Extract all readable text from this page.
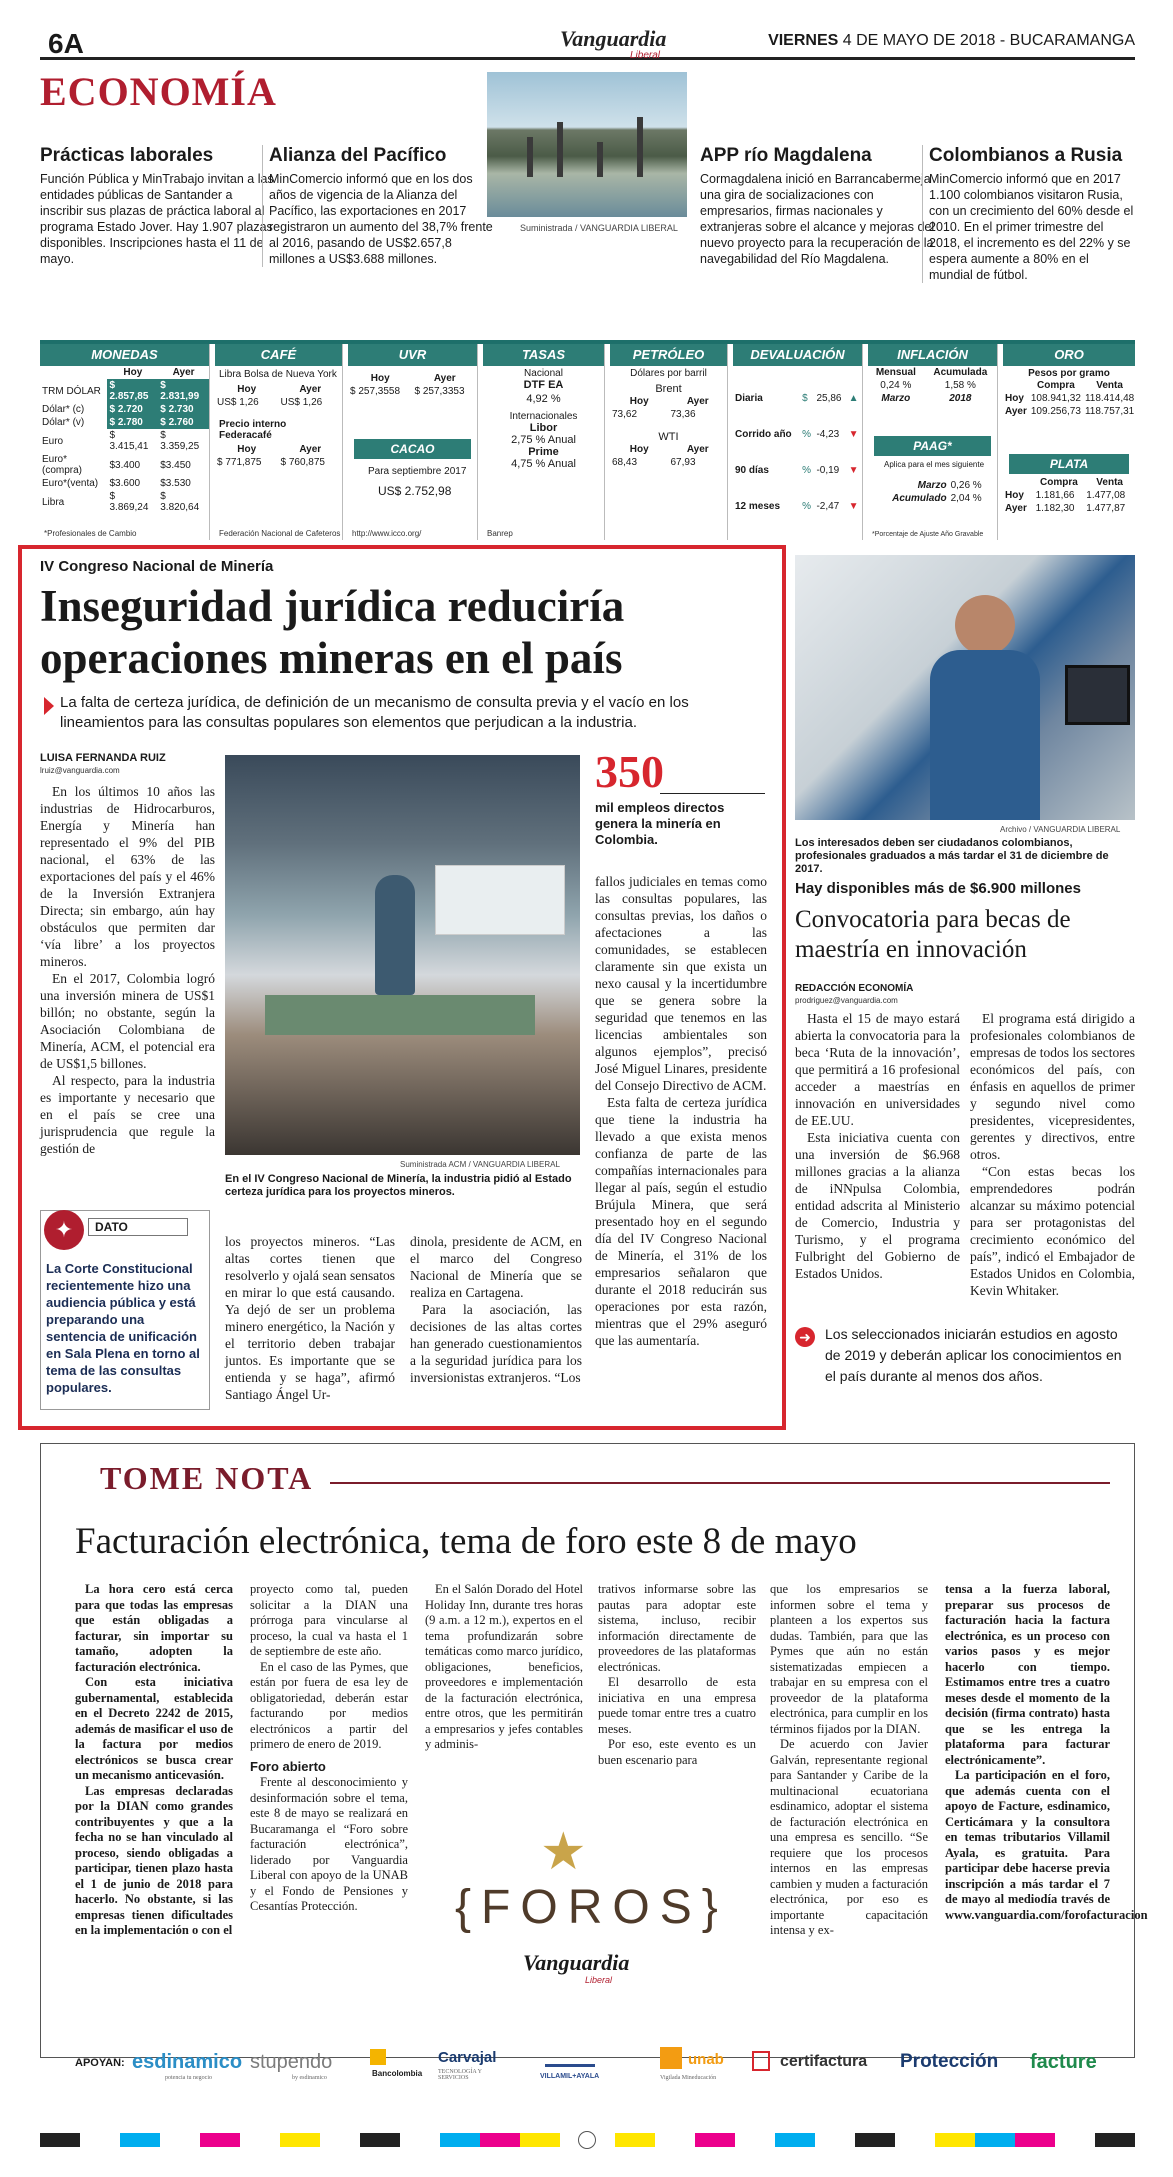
6A	Vanguardia
Liberal
VIERNES 4 DE MAYO DE 2018 - BUCARAMANGA
ECONOMÍA
Prácticas laborales

Función Pública y MinTrabajo invitan a las entidades públicas de Santander a inscribir sus plazas de práctica laboral al programa Estado Jover. Hay 1.907 plazas disponibles. Inscripciones hasta el 11 de mayo.

Alianza del Pacífico

MinComercio informó que en los dos años de vigencia de la Alianza del Pacífico, las exportaciones en 2017 registraron un aumento del 38,7% frente al 2016, pasando de US$2.657,8 millones a US$3.688 millones.

Suministrada / VANGUARDIA LIBERAL
APP río Magdalena

Cormagdalena inició en Barrancabermeja una gira de socializaciones con empresarios, firmas nacionales y extranjeras sobre el alcance y mejoras del nuevo proyecto para la recuperación de la navegabilidad del Río Magdalena.

Colombianos a Rusia

MinComercio informó que en 2017 1.100 colombianos visitaron Rusia, con un crecimiento del 60% desde el 2010. En el primer trimestre del 2018, el incremento es del 22% y se espera aumente a 80% en el mundial de fútbol.

MONEDAS
	Hoy	Ayer
TRM DÓLAR	$ 2.857,85	$ 2.831,99
Dólar* (c)	$ 2.720	$ 2.730
Dólar* (v)	$ 2.780	$ 2.760
Euro	$ 3.415,41	$ 3.359,25
Euro*(compra)	$3.400	$3.450
Euro*(venta)	$3.600	$3.530
Libra	$ 3.869,24	$ 3.820,64
*Profesionales de Cambio
CAFÉ
Libra Bolsa de Nueva York
Hoy	Ayer
US$ 1,26	US$ 1,26
Precio interno Federacafé
Hoy	Ayer
$ 771,875	$ 760,875
Federación Nacional de Cafeteros
UVR
Hoy	Ayer
$ 257,3558	$ 257,3353
CACAO
Para septiembre 2017
US$ 2.752,98
http://www.icco.org/
TASAS
Nacional
DTF EA
4,92 %
Internacionales
Libor
2,75 % Anual
Prime
4,75 % Anual
Banrep
PETRÓLEO
Dólares por barril
Brent
Hoy	Ayer
73,62	73,36
WTI
Hoy	Ayer
68,43	67,93
DEVALUACIÓN
Diaria	$	25,86	▲
Corrido año	%	-4,23	▼
90 días	%	-0,19	▼
12 meses	%	-2,47	▼
INFLACIÓN
Mensual	Acumulada
0,24 %	1,58 %
Marzo	2018
PAAG*
Aplica para el mes siguiente
Marzo	0,26 %
Acumulado	2,04 %
*Porcentaje de Ajuste Año Gravable
ORO
Pesos por gramo
	Compra	Venta
Hoy	108.941,32	118.414,48
Ayer	109.256,73	118.757,31
PLATA
	Compra	Venta
Hoy	1.181,66	1.477,08
Ayer	1.182,30	1.477,87
IV Congreso Nacional de Minería
Inseguridad jurídica reduciría operaciones mineras en el país
La falta de certeza jurídica, de definición de un mecanismo de consulta previa y el vacío en los lineamientos para las consultas populares son elementos que perjudican a la industria.
LUISA FERNANDA RUIZ
lruiz@vanguardia.com

En los últimos 10 años las industrias de Hidrocarburos, Energía y Minería han representado el 9% del PIB nacional, el 63% de las exportaciones del país y el 46% de la Inversión Extranjera Directa; sin embargo, aún hay obstáculos que permiten dar ‘vía libre’ a los proyectos mineros.

En el 2017, Colombia logró una inversión minera de US$1 billón; no obstante, según la Asociación Colombiana de Minería, ACM, el potencial era de US$1,5 billones.

Al respecto, para la industria es importante y necesario que en el país se cree una jurisprudencia que regule la gestión de

Suministrada ACM / VANGUARDIA LIBERAL
En el IV Congreso Nacional de Minería, la industria pidió al Estado certeza jurídica para los proyectos mineros.
350
mil empleos directos genera la minería en Colombia.

fallos judiciales en temas como las consultas populares, las consultas previas, los daños o afectaciones a las comunidades, se establecen claramente sin que exista un nexo causal y la incertidumbre que se genera sobre la seguridad que tenemos en las licencias ambientales son algunos ejemplos”, precisó José Miguel Linares, presidente del Consejo Directivo de ACM.

Esta falta de certeza jurídica que tiene la industria ha llevado a que exista menos confianza de parte de las compañías internacionales para llegar al país, según el estudio Brújula Minera, que será presentado hoy en el segundo día del IV Congreso Nacional de Minería, el 31% de los empresarios señalaron que durante el 2018 reducirán sus operaciones por esta razón, mientras que el 29% aseguró que las aumentaría.

los proyectos mineros. “Las altas cortes tienen que resolverlo y ojalá sean sensatos en mirar lo que está causando. Ya dejó de ser un problema minero energético, la Nación y el territorio deben trabajar juntos. Es importante que se entienda y se haga”, afirmó Santiago Ángel Ur-

dinola, presidente de ACM, en el marco del Congreso Nacional de Minería que se realiza en Cartagena.

Para la asociación, las decisiones de las altas cortes han generado cuestionamientos a la seguridad jurídica para los inversionistas extranjeros. “Los

✦	DATO
La Corte Constitucional recientemente hizo una audiencia pública y está preparando una sentencia de unificación en Sala Plena en torno al tema de las consultas populares.
Archivo / VANGUARDIA LIBERAL
Los interesados deben ser ciudadanos colombianos, profesionales graduados a más tardar el 31 de diciembre de 2017.
Hay disponibles más de $6.900 millones
Convocatoria para becas de maestría en innovación
REDACCIÓN ECONOMÍA
prodriguez@vanguardia.com

Hasta el 15 de mayo estará abierta la convocatoria para la beca ‘Ruta de la innovación’, que permitirá a 16 profesional acceder a maestrías en innovación en universidades de EE.UU.

Esta iniciativa cuenta con una inversión de $6.968 millones gracias a la alianza de iNNpulsa Colombia, entidad adscrita al Ministerio de Comercio, Industria y Turismo, y el programa Fulbright del Gobierno de Estados Unidos.

El programa está dirigido a profesionales colombianos de empresas de todos los sectores económicos del país, con énfasis en aquellos de primer y segundo nivel como presidentes, vicepresidentes, gerentes y directivos, entre otros.

“Con estas becas los emprendedores podrán alcanzar su máximo potencial para ser protagonistas del crecimiento económico del país”, indicó el Embajador de Estados Unidos en Colombia, Kevin Whitaker.

➜ Los seleccionados iniciarán estudios en agosto de 2019 y deberán aplicar los conocimientos en el país durante al menos dos años.
TOME NOTA
Facturación electrónica, tema de foro este 8 de mayo

La hora cero está cerca para que todas las empresas que están obligadas a facturar, sin importar su tamaño, adopten la facturación electrónica.

Con esta iniciativa gubernamental, establecida en el Decreto 2242 de 2015, además de masificar el uso de la factura por medios electrónicos se busca crear un mecanismo anticevasión.

Las empresas declaradas por la DIAN como grandes contribuyentes y que a la fecha no se han vinculado al proceso, siendo obligadas a participar, tienen plazo hasta el 1 de junio de 2018 para hacerlo. No obstante, si las empresas tienen dificultades en la implementación o con el

proyecto como tal, pueden solicitar a la DIAN una prórroga para vincularse al proceso, la cual va hasta el 1 de septiembre de este año.

En el caso de las Pymes, que están por fuera de esa ley de obligatoriedad, deberán estar facturando por medios electrónicos a partir del primero de enero de 2019.

Foro abierto

Frente al desconocimiento y desinformación sobre el tema, este 8 de mayo se realizará en Bucaramanga el “Foro sobre facturación electrónica”, liderado por Vanguardia Liberal con apoyo de la UNAB y el Fondo de Pensiones y Cesantías Protección.

En el Salón Dorado del Hotel Holiday Inn, durante tres horas (9 a.m. a 12 m.), expertos en el tema profundizarán sobre temáticas como marco jurídico, obligaciones, beneficios, proveedores e implementación de la facturación electrónica, entre otros, que les permitirán a empresarios y jefes contables y adminis-

trativos informarse sobre las pautas para adoptar este sistema, incluso, recibir información directamente de proveedores de las plataformas electrónicas.

El desarrollo de esta iniciativa en una empresa puede tomar entre tres a cuatro meses.

Por eso, este evento es un buen escenario para

que los empresarios se informen sobre el tema y planteen a los expertos sus dudas. También, para que las Pymes que aún no están sistematizadas empiecen a trabajar en su empresa con el proveedor de la plataforma electrónica, para cumplir en los términos fijados por la DIAN.

De acuerdo con Javier Galván, representante regional para Santander y Caribe de la multinacional ecuatoriana esdinamico, adoptar el sistema de facturación electrónica en una empresa es sencillo. “Se requiere que los procesos internos en las empresas cambien y muden a facturación electrónica, por eso es importante capacitación intensa y ex-

tensa a la fuerza laboral, preparar sus procesos de facturación hacia la factura electrónica, es un proceso con varios pasos y es mejor hacerlo con tiempo. Estimamos entre tres a cuatro meses desde el momento de la decisión (firma contrato) hasta que se les entrega la plataforma para facturar electrónicamente”.

La participación en el foro, que además cuenta con el apoyo de Facture, esdinamico, Certicámara y la consultora en temas tributarios Villamil Ayala, es gratuita. Para participar debe hacerse previa inscripción a más tardar el 7 de mayo al mediodía través de www.vanguardia.com/forofacturacion

★
{FOROS}
Vanguardia
Liberal
APOYAN: esdinamico
potencia tu negocio
stupendo
by esdinamico	Bancolombia
Carvajal
TECNOLOGÍA Y SERVICIOS	VILLAMIL+AYALA
unab
Vigilada Mineducación
certifactura Protección facture
